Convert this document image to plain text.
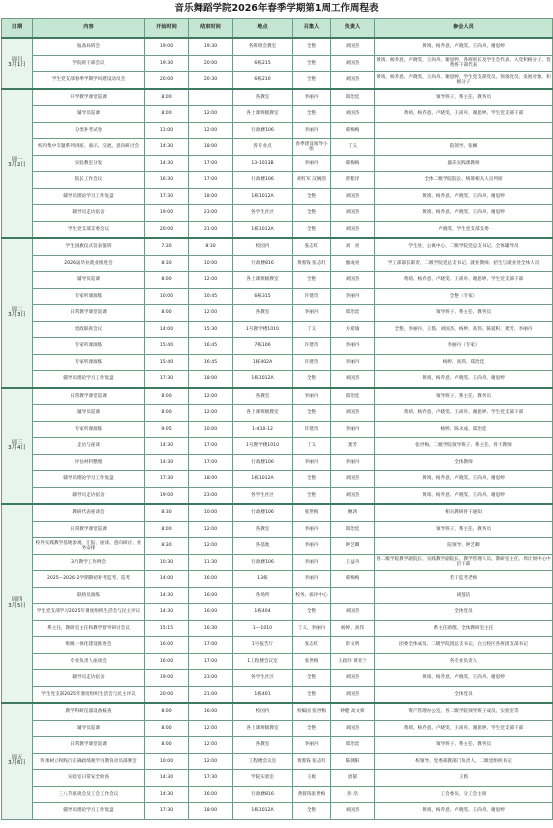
音乐舞蹈学院2026年春季学期第1周工作周程表
日期	内容	开始时间	结束时间	地点	召集人	负责人	参会人员
周日
3月1日	报备局班会	19:00	19:30	各班班会教室	全艳	刘国杰	黄靖、杨乔意、卢晓雯、王尚舟、谢思婷
	学院班干部会议	19:30	20:00	6栋215	全艳	刘国杰	黄靖、杨乔意、卢晓雯、王尚舟、谢思婷、各班班长及学生会代表、入党积极分子、优秀班干部代表
	学生党支部春季学期学风建设动员会	20:00	20:30	6栋210	全艳	刘国杰	黄靖、杨乔意、卢晓雯、王尚舟、谢思婷、学生党支部党员、预备党员、发展对象、积极分子
周一
3月2日	开学教学课堂巡课	8:00		各教室	李丽丹	郑治廷	领导班子、系主任、教务员
	辅导员巡课	8:00	12:00	各上课班级教室	全艳	刘国杰	黄靖、杨乔意、卢晓雯、王尚舟、谢思婷、学生党支部干部
	分类补考试卷	11:00	12:00	行政楼106	李丽丹	邢梅梅	
	校内集中专题系列讲座、演示、交流、意向研讨会	14:30	18:00	各专业点	春季建设领导小组	丁义	院领导、张娴
	实验教室分发	14:30	17:00	13-1013B	李丽丹	邢梅梅	器乐实践课教师
	院长工作会议	16:30	17:00	行政楼106	胡红军 汉婉茵	曾紫洋	全体二级学院院长、统筹相关人员列席
	辅导员理论学习工作复盘	17:30	18:00	1栋1012A	全艳	刘国杰	黄靖、杨乔意、卢晓雯、王尚舟、谢思婷
	辅导员走访宿舍	19:00	23:00	各学生社区	全艳	刘国杰	黄靖、杨乔意、卢晓雯、王尚舟、谢思婷
	学生党支部支委会议	20:00	21:00	1栋1012A	全艳	刘国杰	卢晓雯、学生党支部支委
周二
3月3日	学生国旗仪式仪表值班	7:30	8:30	校园内	张志红	刘　亮	学生处、公寓中心、二级学院党总支书记、全体辅导员
	2026届毕业就业推进会	8:30	10:00	行政楼816	黄蓉钱 张志红	廖成亮	学工部部长职责、二级学院党总支书记、就业教师、招生与就业处全体人员
	辅导员巡课	8:00	12:00	各上课班级教室	全艳	刘国杰	黄靖、杨乔意、卢晓雯、王尚舟、谢思婷、学生党支部干部
	专家听课演练	10:00	10:45	6栋315	许建奇	李丽丹	全艳（专家）
	日常教学课堂巡课	8:00	12:00	各教室	李丽丹	郑治廷	领导班子、系主任、教务员
	党政联席会议	14:00	15:30	1号教学楼1010	丁义	方希瑜	全艳、李丽丹、王悠、刘国杰、杨婷、高伟、陈爱积、龚芳、李丽丹
	专家听课演练	15:40	16:45	7栋106	许建奇	李丽丹	李丽丹（专家）
	专家听课演练	15:40	16:45	1栋402A	许建奇	李丽丹	杨婷、高伟、郑治廷
	辅导员理论学习工作复盘	17:30	18:00	1栋1012A	全艳	刘国杰	黄靖、杨乔意、卢晓雯、王尚舟、谢思婷
周三
3月4日	日常教学课堂巡课	8:00	12:00	各教室	李丽丹	郑治廷	领导班子、系主任、教务员
	辅导员巡课	8:00	12:00	各上课班级教室	全艳	刘国杰	黄靖、杨乔意、卢晓雯、王尚舟、谢思婷、学生党支部干部
	专家听课演练	9:05	10:00	1-410-12	许建奇	李丽丹	杨婷、陈永成、郑治廷
	走访与座谈	14:30	17:00	1号教学楼1010	丁义	龚芳	张世梅、二级学院领导班子、系主任、骨干教师
	评估材料整理	14:30	17:00	行政楼106	李丽丹	李丽丹	全体教师
	辅导员理论学习工作复盘	17:30	18:00	1栋1012A	全艳	刘国杰	黄靖、杨乔意、卢晓雯、王尚舟、谢思婷
	辅导员走访宿舍	19:00	23:00	各学生社区	全艳	刘国杰	黄靖、杨乔意、卢晓雯、王尚舟、谢思婷
周四
3月5日	教研代表座谈会	8:30	10:00	行政楼106	张世梅	鲍鸿	相关教研骨干通知
	日常教学课堂巡课	8:00	12:00	各教室	李丽丹	郑治廷	领导班子、系主任、教务员
	校外实践教学基地参观、汇报、座谈、意向研讨、业务安排	8:30	12:00	各基地	李丽丹	钟艺卿	院领导、钟艺卿
	3月教学工作例会	10:30	11:30	行政楼106	李丽丹	王益舟	各二级学院教学副院长、实践教学副院长、教学管理人员、教研室主任、周计划中心中层干部
	2025—2026-2学期期初补考监考、巡考	14:00	16:00	13栋	李丽丹	邢梅梅	若干监考老师
	联络员演练	14:30	16:00	各场所	校务、质评中心		胡莲洁
	学生党支部学习2025年暑度组织生活会与民主评议	14:30	16:00	1栋404	全艳	刘国杰	全体党员
	系主任、教研室主任和教学督导研讨会议	15:15	16:30	1—1010	丁义、李丽丹	杨婷、高伟	系主任助理、全体教研室主任
	班级一体化建设推进会	16:00	17:00	1号报告厅	张志红	彭文明	团委全体成员、二级学院团总支书记、白云校区各班团支部书记
	专业负责人座谈会	16:00	17:00	1工程楼会议室	张世梅	王政玲 黄亚兰	各专业负责人
	辅导员走访宿舍	19:00	23:00	各学生社区	全艳	刘国杰	黄靖、杨乔意、卢晓雯、王尚舟、谢思婷
	学生党支部2025年暑度组织生活会与民主评议	20:00	21:00	1栋401	全艳	刘国杰	全体党员
周五
3月6日	教学科研仪器设备核查	8:00	16:00	校园内	校编国 张世梅	钟健 高文妍	资产管理办公室、各二级学院领导班子成员、实验室等
	辅导员巡课	8:00	12:00	各上课班级教室	全艳	刘国杰	黄靖、杨乔意、卢晓雯、王尚舟、谢思婷、学生党支部干部
	日常教学课堂巡课	8:00	12:00	各教室	李丽丹	郑治廷	领导班子、系主任、教务员
	传承树立和践行正确政绩观学习教育动员部署会	10:00	12:00	工程楼会议室	黄蓉钱 张志红	陈测阳	校领导、党委部教部门负责人、二级党组织书记
	实验室日常安全检查	14:30	17:30	学院实验室	王妮	唐郁	王鸦
	三八节座谈会及工会工作会议	14:30	16:00	行政楼816	黄蓉钱张世梅	彭 浩	工会委员、分工会主席
	辅导员理论学习工作复盘	17:30	18:00	1栋1012A	全艳	刘国杰	黄靖、杨乔意、卢晓雯、王尚舟、谢思婷
